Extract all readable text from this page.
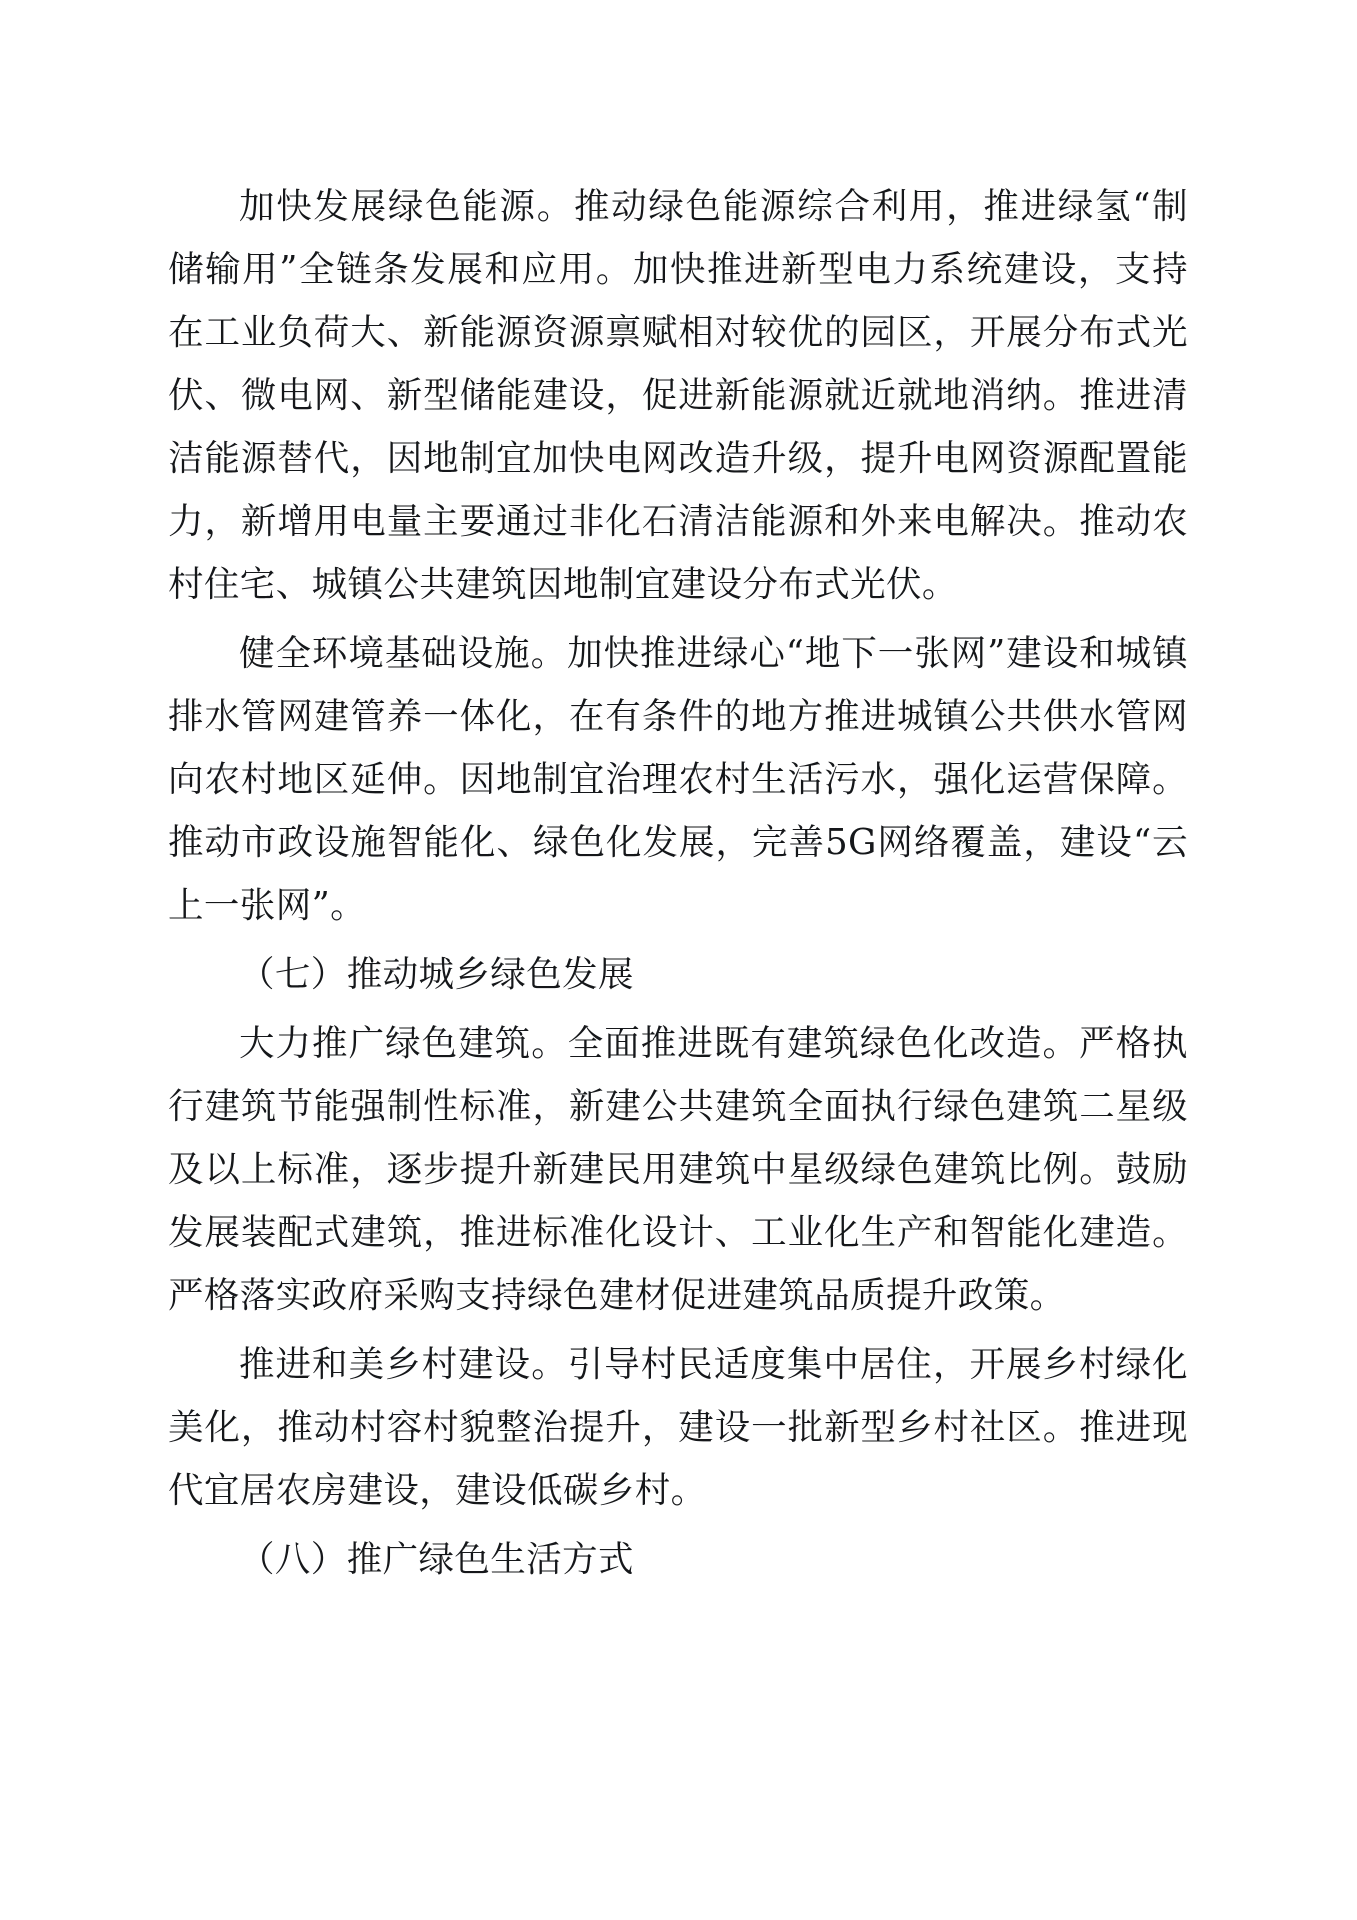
加快发展绿色能源。推动绿色能源综合利用，推进绿氢“制储输用”全链条发展和应用。加快推进新型电力系统建设，支持在工业负荷大、新能源资源禀赋相对较优的园区，开展分布式光伏、微电网、新型储能建设，促进新能源就近就地消纳。推进清洁能源替代，因地制宜加快电网改造升级，提升电网资源配置能力，新增用电量主要通过非化石清洁能源和外来电解决。推动农村住宅、城镇公共建筑因地制宜建设分布式光伏。

健全环境基础设施。加快推进绿心“地下一张网”建设和城镇排水管网建管养一体化，在有条件的地方推进城镇公共供水管网向农村地区延伸。因地制宜治理农村生活污水，强化运营保障。推动市政设施智能化、绿色化发展，完善5G网络覆盖，建设“云上一张网”。

（七）推动城乡绿色发展

大力推广绿色建筑。全面推进既有建筑绿色化改造。严格执行建筑节能强制性标准，新建公共建筑全面执行绿色建筑二星级及以上标准，逐步提升新建民用建筑中星级绿色建筑比例。鼓励发展装配式建筑，推进标准化设计、工业化生产和智能化建造。严格落实政府采购支持绿色建材促进建筑品质提升政策。

推进和美乡村建设。引导村民适度集中居住，开展乡村绿化美化，推动村容村貌整治提升，建设一批新型乡村社区。推进现代宜居农房建设，建设低碳乡村。

（八）推广绿色生活方式
